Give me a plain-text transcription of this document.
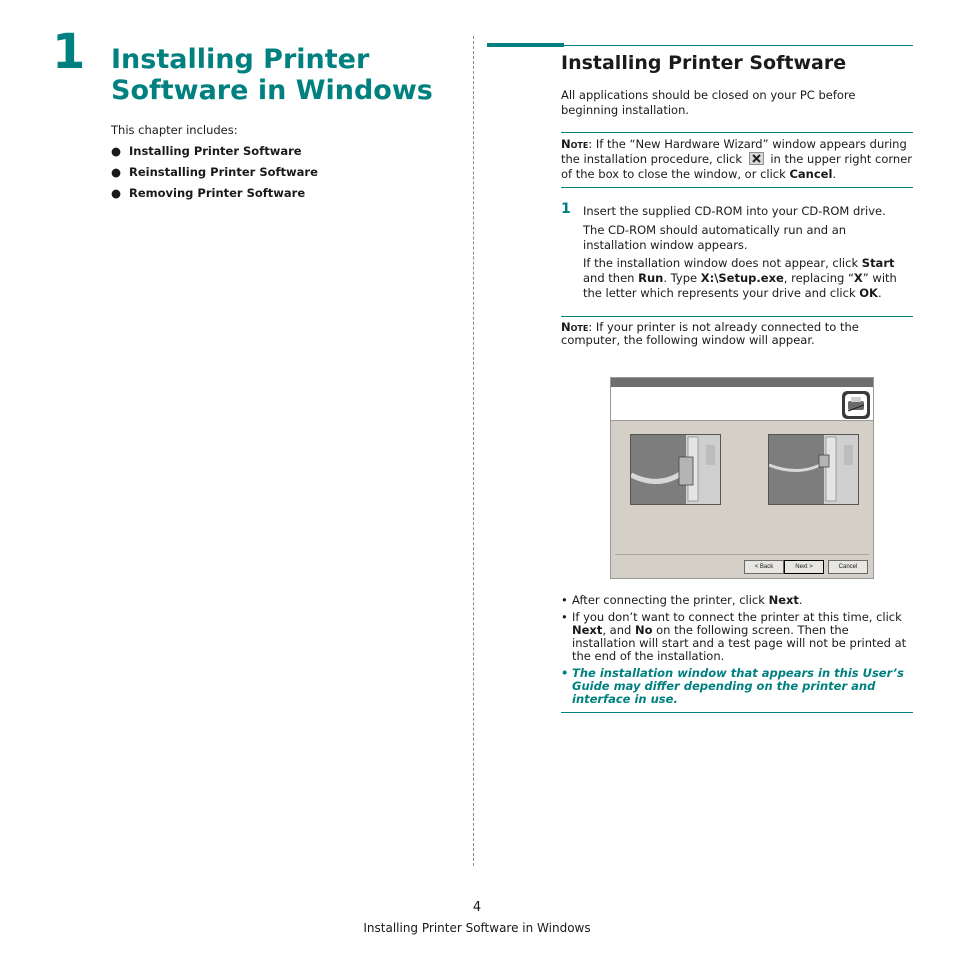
1 Installing Printer Software in Windows
This chapter includes:
● Installing Printer Software
● Reinstalling Printer Software
● Removing Printer Software
Installing Printer Software
All applications should be closed on your PC before beginning installation.
Note: If the “New Hardware Wizard” window appears during the installation procedure, click
in the upper right corner of the box to close the window, or click Cancel.
1 Insert the supplied CD-ROM into your CD-ROM drive.
The CD-ROM should automatically run and an installation window appears.
If the installation window does not appear, click Start and then Run. Type X:\Setup.exe, replacing “X” with the letter which represents your drive and click OK.
Note: If your printer is not already connected to the computer, the following window will appear.
< Back	Next >	Cancel
• After connecting the printer, click Next.
• If you don’t want to connect the printer at this time, click Next, and No on the following screen. Then the installation will start and a test page will not be printed at the end of the installation.
• The installation window that appears in this User’s Guide may differ depending on the printer and interface in use.
4
Installing Printer Software in Windows
